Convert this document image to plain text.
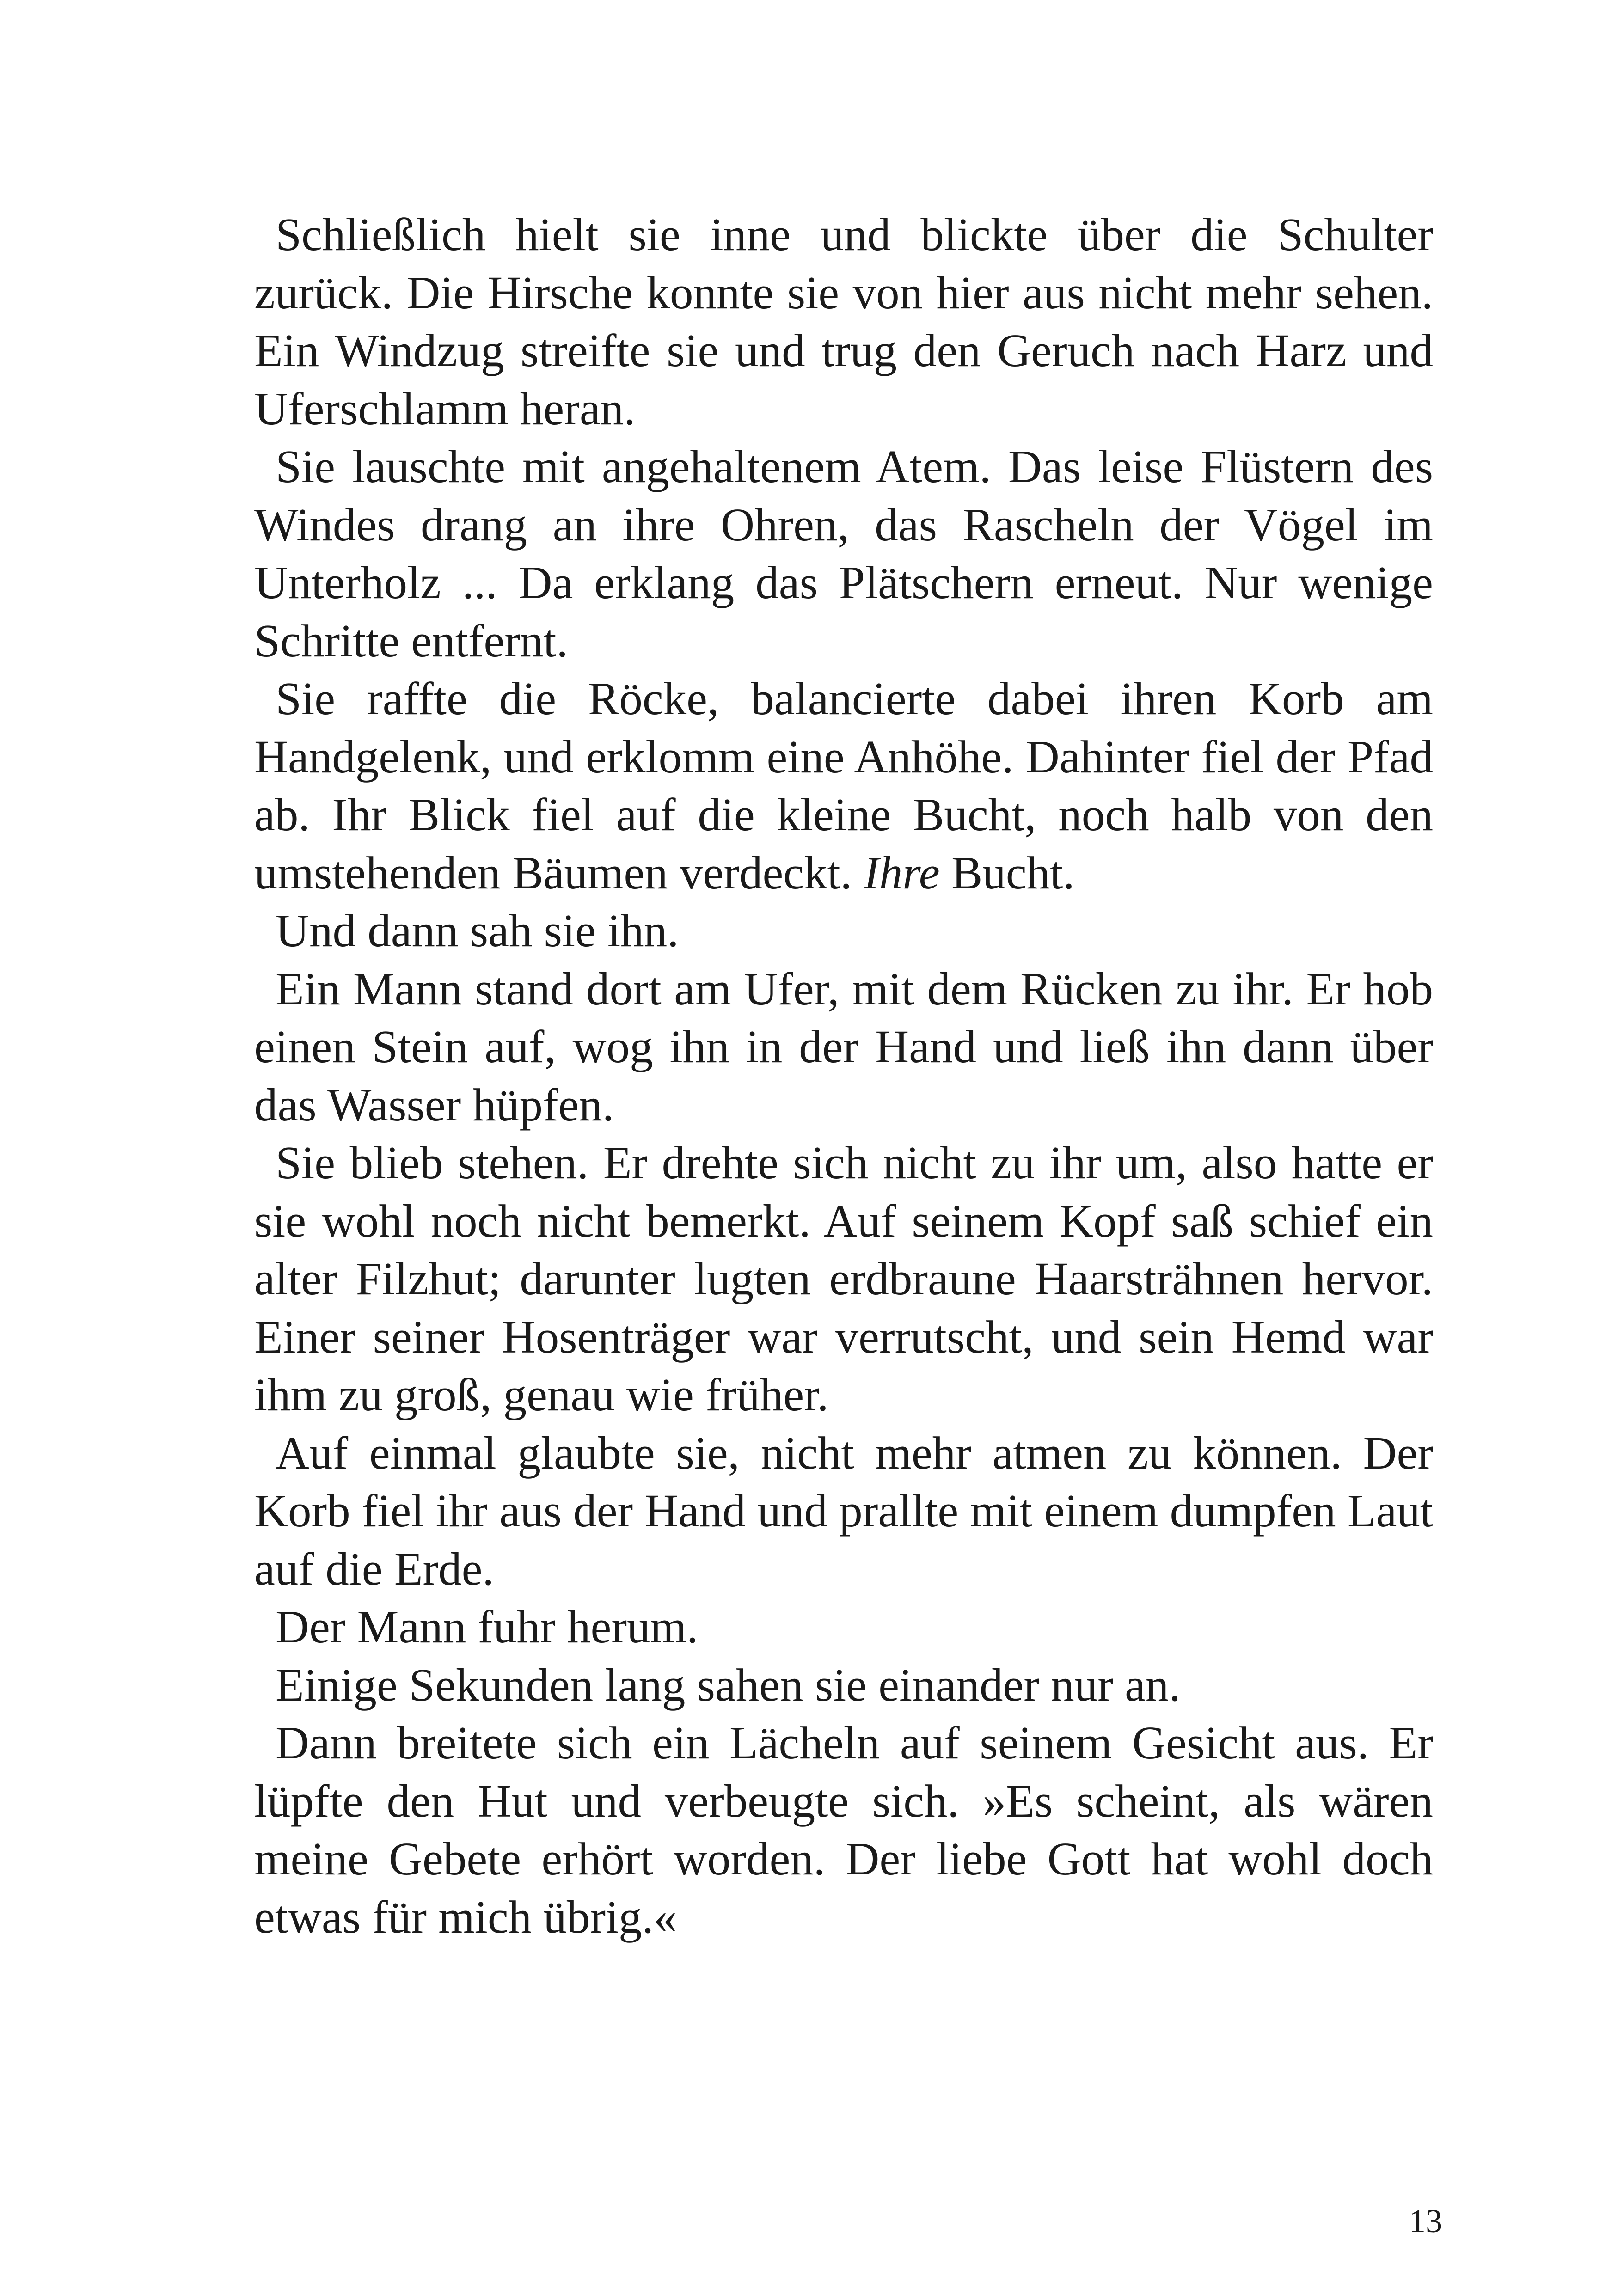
Schließlich hielt sie inne und blickte über die Schulter zurück. Die Hirsche konnte sie von hier aus nicht mehr sehen. Ein Windzug streifte sie und trug den Geruch nach Harz und Uferschlamm heran.

Sie lauschte mit angehaltenem Atem. Das leise Flüstern des Windes drang an ihre Ohren, das Rascheln der Vögel im Unterholz ... Da erklang das Plätschern erneut. Nur wenige Schritte entfernt.

Sie raffte die Röcke, balancierte dabei ihren Korb am Handgelenk, und erklomm eine Anhöhe. Dahinter fiel der Pfad ab. Ihr Blick fiel auf die kleine Bucht, noch halb von den umstehenden Bäumen verdeckt. Ihre Bucht.

Und dann sah sie ihn.

Ein Mann stand dort am Ufer, mit dem Rücken zu ihr. Er hob einen Stein auf, wog ihn in der Hand und ließ ihn dann über das Wasser hüpfen.

Sie blieb stehen. Er drehte sich nicht zu ihr um, also hatte er sie wohl noch nicht bemerkt. Auf seinem Kopf saß schief ein alter Filzhut; darunter lugten erdbraune Haarsträhnen hervor. Einer seiner Hosenträger war verrutscht, und sein Hemd war ihm zu groß, genau wie früher.

Auf einmal glaubte sie, nicht mehr atmen zu können. Der Korb fiel ihr aus der Hand und prallte mit einem dumpfen Laut auf die Erde.

Der Mann fuhr herum.

Einige Sekunden lang sahen sie einander nur an.

Dann breitete sich ein Lächeln auf seinem Gesicht aus. Er lüpfte den Hut und verbeugte sich. »Es scheint, als wären meine Gebete erhört worden. Der liebe Gott hat wohl doch etwas für mich übrig.«

13
